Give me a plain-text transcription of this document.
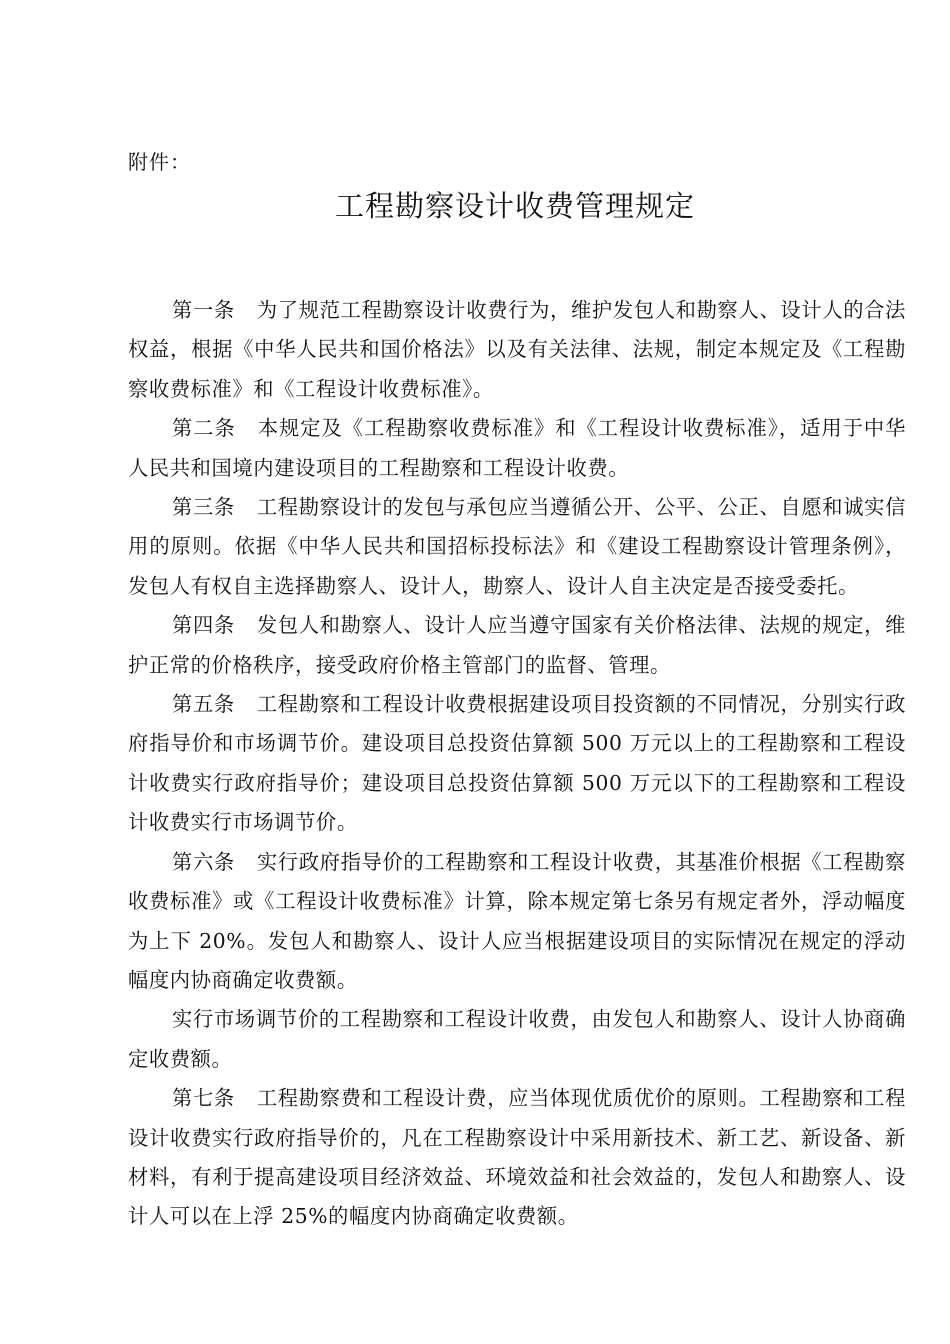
附件：
工程勘察设计收费管理规定

第一条 为了规范工程勘察设计收费行为，维护发包人和勘察人、设计人的合法权益，根据《中华人民共和国价格法》以及有关法律、法规，制定本规定及《工程勘察收费标准》和《工程设计收费标准》。

第二条 本规定及《工程勘察收费标准》和《工程设计收费标准》，适用于中华人民共和国境内建设项目的工程勘察和工程设计收费。

第三条 工程勘察设计的发包与承包应当遵循公开、公平、公正、自愿和诚实信用的原则。依据《中华人民共和国招标投标法》和《建设工程勘察设计管理条例》，发包人有权自主选择勘察人、设计人，勘察人、设计人自主决定是否接受委托。

第四条 发包人和勘察人、设计人应当遵守国家有关价格法律、法规的规定，维护正常的价格秩序，接受政府价格主管部门的监督、管理。

第五条 工程勘察和工程设计收费根据建设项目投资额的不同情况，分别实行政府指导价和市场调节价。建设项目总投资估算额 500 万元以上的工程勘察和工程设计收费实行政府指导价；建设项目总投资估算额 500 万元以下的工程勘察和工程设计收费实行市场调节价。

第六条 实行政府指导价的工程勘察和工程设计收费，其基准价根据《工程勘察收费标准》或《工程设计收费标准》计算，除本规定第七条另有规定者外，浮动幅度为上下 20%。发包人和勘察人、设计人应当根据建设项目的实际情况在规定的浮动幅度内协商确定收费额。

实行市场调节价的工程勘察和工程设计收费，由发包人和勘察人、设计人协商确定收费额。

第七条 工程勘察费和工程设计费，应当体现优质优价的原则。工程勘察和工程设计收费实行政府指导价的，凡在工程勘察设计中采用新技术、新工艺、新设备、新材料，有利于提高建设项目经济效益、环境效益和社会效益的，发包人和勘察人、设计人可以在上浮 25%的幅度内协商确定收费额。
